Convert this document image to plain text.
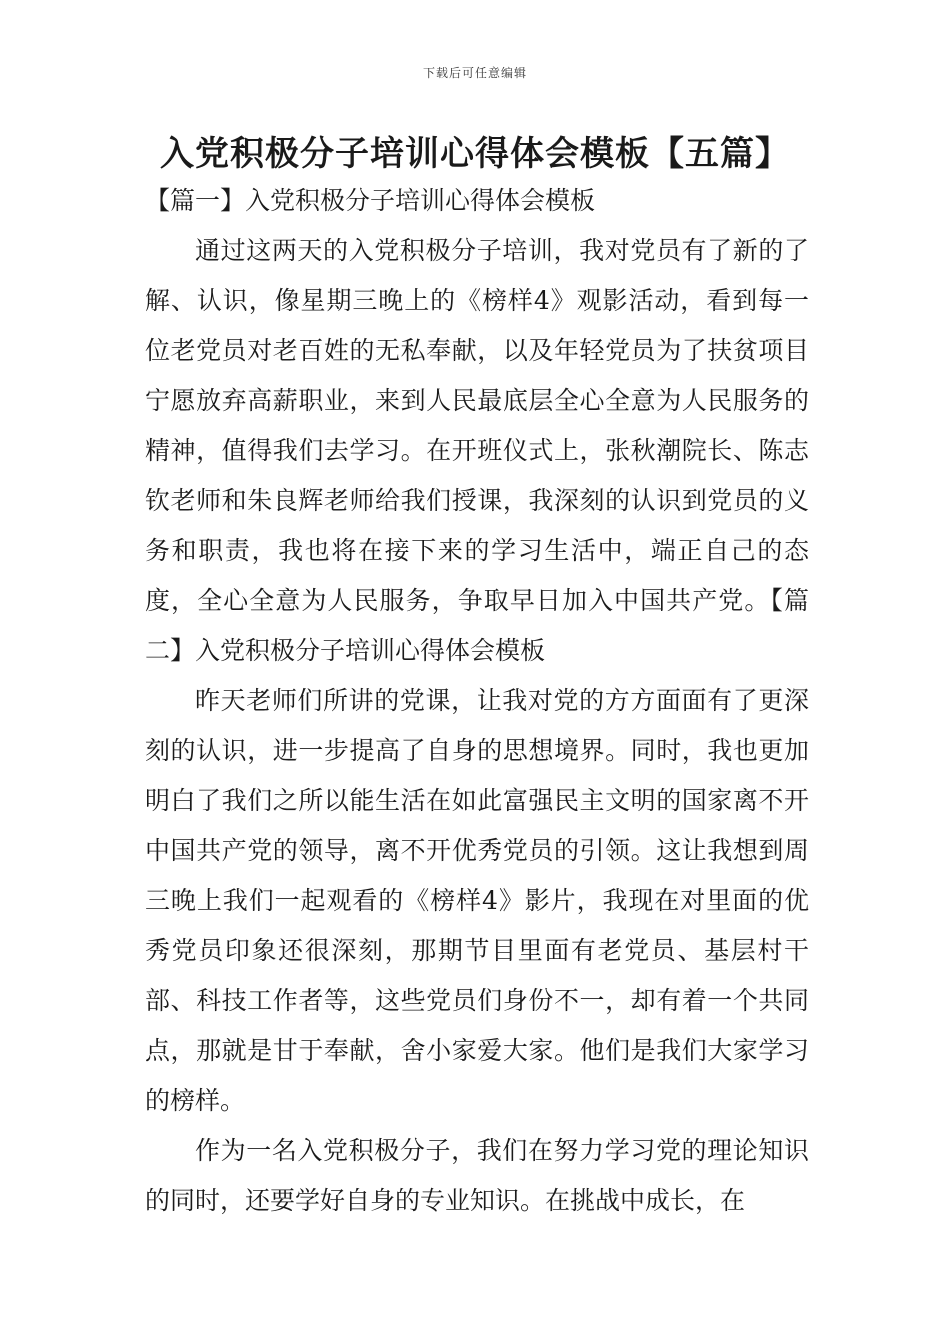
下载后可任意编辑
入党积极分子培训心得体会模板【五篇】

【篇一】入党积极分子培训心得体会模板

通过这两天的入党积极分子培训，我对党员有了新的了解、认识，像星期三晚上的《榜样4》观影活动，看到每一位老党员对老百姓的无私奉献，以及年轻党员为了扶贫项目宁愿放弃高薪职业，来到人民最底层全心全意为人民服务的精神，值得我们去学习。在开班仪式上，张秋潮院长、陈志钦老师和朱良辉老师给我们授课，我深刻的认识到党员的义务和职责，我也将在接下来的学习生活中，端正自己的态度，全心全意为人民服务，争取早日加入中国共产党。【篇二】入党积极分子培训心得体会模板

昨天老师们所讲的党课，让我对党的方方面面有了更深刻的认识，进一步提高了自身的思想境界。同时，我也更加明白了我们之所以能生活在如此富强民主文明的国家离不开中国共产党的领导，离不开优秀党员的引领。这让我想到周三晚上我们一起观看的《榜样4》影片，我现在对里面的优秀党员印象还很深刻，那期节目里面有老党员、基层村干部、科技工作者等，这些党员们身份不一，却有着一个共同点，那就是甘于奉献，舍小家爱大家。他们是我们大家学习的榜样。

作为一名入党积极分子，我们在努力学习党的理论知识的同时，还要学好自身的专业知识。在挑战中成长，在
